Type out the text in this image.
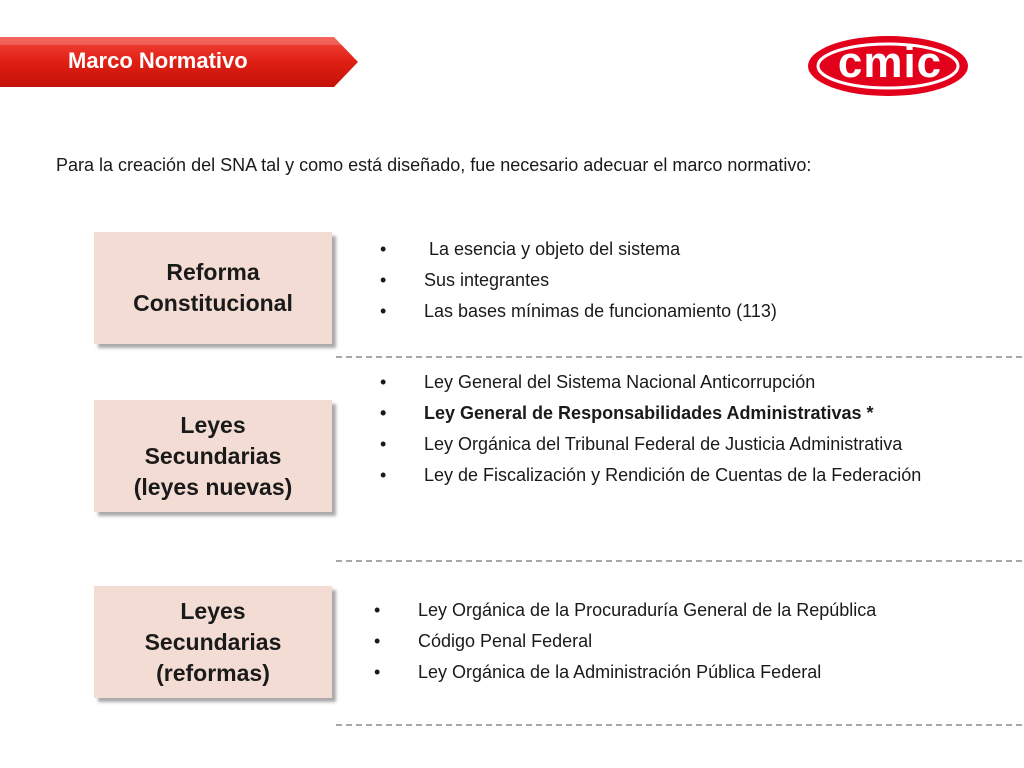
Marco Normativo	cmic
Para la creación del SNA tal y como está diseñado, fue necesario adecuar el marco normativo:
Reforma
Constitucional
•  La esencia y objeto del sistema
• Sus integrantes
• Las bases mínimas de funcionamiento (113)
Leyes
Secundarias
(leyes nuevas)
• Ley General del Sistema Nacional Anticorrupción
• Ley General de Responsabilidades Administrativas *
• Ley Orgánica del Tribunal Federal de Justicia Administrativa
• Ley de Fiscalización y Rendición de Cuentas de la Federación
Leyes
Secundarias
(reformas)
• Ley Orgánica de la Procuraduría General de la República
• Código Penal Federal
• Ley Orgánica de la Administración Pública Federal
